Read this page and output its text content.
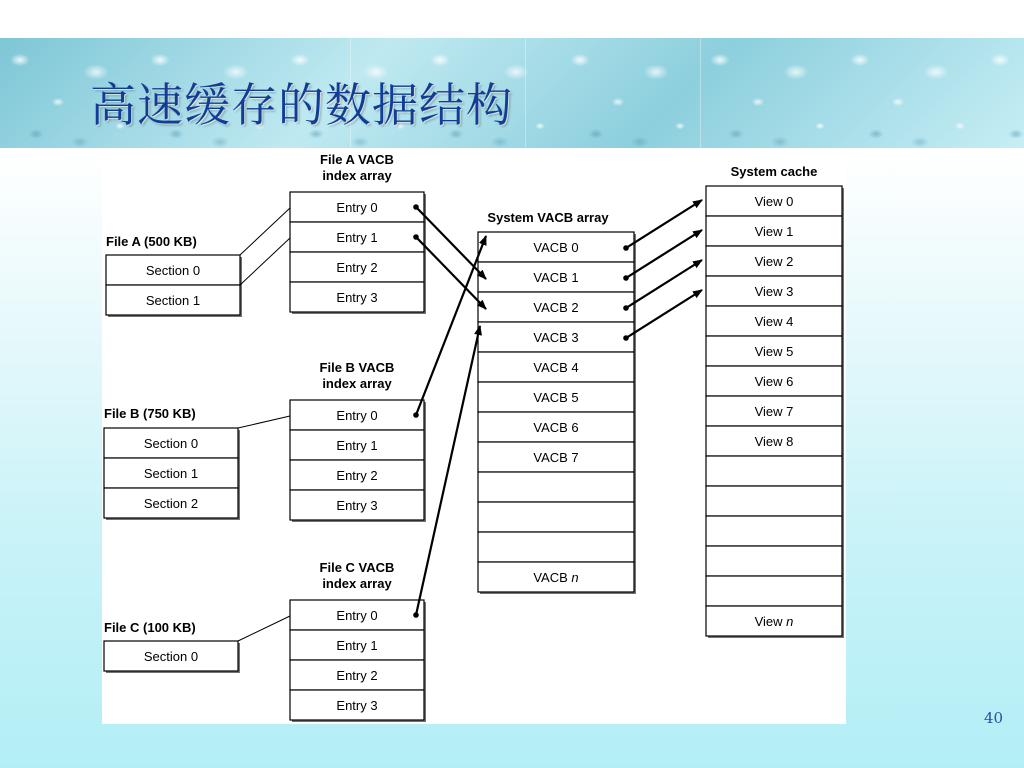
高速缓存的数据结构
File A (500 KB)
Section 0
Section 1
File B (750 KB)
Section 0
Section 1
Section 2
File C (100 KB)
Section 0
File A VACB
index array
Entry 0
Entry 1
Entry 2
Entry 3
File B VACB
index array
Entry 0
Entry 1
Entry 2
Entry 3
File C VACB
index array
Entry 0
Entry 1
Entry 2
Entry 3
System VACB array
VACB 0
VACB 1
VACB 2
VACB 3
VACB 4
VACB 5
VACB 6
VACB 7
VACB n
System cache
View 0
View 1
View 2
View 3
View 4
View 5
View 6
View 7
View 8
View n
40
